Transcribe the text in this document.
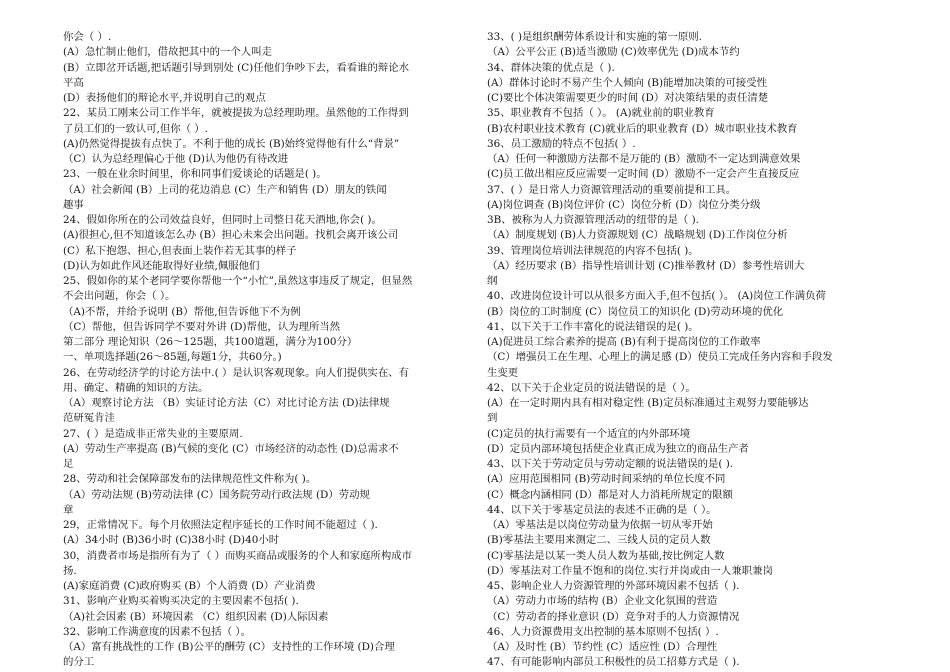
你会（ ）.
(A）急忙制止他们，借故把其中的一个人叫走
(B）立即岔开话题,把话题引导到别处 (C)任他们争吵下去，看看谁的辩论水
平高
(D）表扬他们的辩论水平,并说明自己的观点
22、某员工刚来公司工作半年，就被提拔为总经理助理。虽然他的工作得到
了员工们的一致认可,但你（ ）.
(A)仍然觉得提拔有点快了。不利于他的成长 (B)始终觉得他有什么“背景”
（C）认为总经理偏心于他 (D)认为他仍有待改进
23、一般在业余时间里，你和同事们爱谈论的话题是( )。
（A）社会新闻 (B）上司的花边消息 (C）生产和销售 (D）朋友的铁闻
趣事
24、假如你所在的公司效益良好，但同时上司整日花天酒地,你会( )。
(A)很担心,但不知道该怎么办 (B）担心未来会出问题。找机会离开该公司
(C）私下抱怨、担心,但表面上装作若无其事的样子
(D)认为如此作风还能取得好业绩,佩服他们
25、假如你的某个老同学要你帮他一个“小忙”,虽然这事违反了规定，但显然
不会出问题，你会（ ）。
（A)不帮，并给予说明 (B）帮他,但告诉他下不为例
（C）帮他，但告诉同学不要对外讲 (D)帮他，认为理所当然
第二部分 理论知识（26～125题，共100道题，满分为100分）
一、单项选择题(26～85题,每题1分，共60分。)
26、在劳动经济学的讨论方法中.( ）是认识客观现象。向人们提供实在、有
用、确定、精确的知识的方法。
（A）观察讨论方法 （B）实证讨论方法（C）对比讨论方法 (D)法律规
范研冤肯洼
27、( ）是造成非正常失业的主要原周.
(A）劳动生产率提高 (B)气候的变化 (C）市场经济的动态性 (D)总需求不
足
28、劳动和社会保障部发布的法律规范性文件称为( )。
（A）劳动法规 (B)劳动法律 (C）国务院劳动行政法规 (D）劳动规
章
29，正常情况下。每个月依照法定程序延长的工作时间不能超过（ ).
(A）34小时 (B)36小时 (C)38小时 (D)40小时
30，消费者市场是指所有为了（ ）而购买商品或服务的个人和家庭所构成市
扬.
(A)家庭消费 (C)政府购买 (B）个人消费 (D）产业消费
31、影响产业购买着购买决定的主要因素不包括( ).
（A)社会因素 (B）环境因素 （C）组织因素 (D)人际因素
32、影响工作满意度的因素不包括（ ）。
（A）富有挑战性的工作 (B)公平的酬劳 (C）支持性的工作环境 (D)合理
的分工
33、( )是组织酬劳体系设计和实施的第一原则.
（A）公平公正 (B)适当激励 (C)效率优先 (D)成本节约
34、群体决策的优点是（ ).
(A）群体讨论时不易产生个人倾向 (B)能增加决策的可接受性
(C)要比个体决策需要更少的时间 (D）对决策结果的责任清楚
35、职业教育不包括（ ）。 (A)就业前的职业教育
(B)农村职业技术教育 (C)就业后的职业教育 (D）城市职业技术教育
36、员工激励的特点不包括( ）.
（A）任何一种激励方法都不是万能的 (B）激励不一定达到满意效果
(C)员工做出相应反应需要一定时间 (D）激励不一定会产生直接反应
37、( ）是日常人力资源管理活动的重要前提和工具。
(A)岗位调查 (B)岗位评价 (C）岗位分析 (D）岗位分类分级
3B、被称为人力资源管理活动的纽带的是（ ).
（A）制度规划 (B)人力资源规划 (C）战略规划 (D)工作岗位分析
39、管理岗位培训法律规范的内容不包括( )。
（A）经历要求 (B）指导性培训计划 (C)推举教材 (D）参考性培训大
纲
40、改进岗位设计可以从很多方面入手,但不包括( ）。 (A)岗位工作满负荷
(B）岗位的工时制度 (C）岗位员工的知识化 (D)劳动环境的优化
41、以下关于工作丰富化的说法错误的是( )。
(A)促进员工综合素养的提高 (B)有利于提高岗位的工作敢率
（C）增强员工在生理、心理上的满足感 (D）使员工完成任务内容和手段发
生变更
42、以下关于企业定员的说法错误的是（ ）。
(A）在一定时期内具有相对稳定性 (B)定员标准通过主观努力要能够达
到
(C)定员的执行需要有一个适宜的内外部环境
(D）定员内部环境包括使企业真正成为独立的商品生产者
43、以下关于劳动定员与劳动定额的说法错误的是( ).
(A）应用范围相同 (B)劳动时间采纳的单位长度不同
(C）概念内涵相同 (D）都是对人力消耗所规定的限额
44、以下关于零基定员法的表述不正确的是（ ）。
（A）零基法是以岗位劳动量为依据一切从零开始
(B)零基法主要用来测定二、三线人员的定员人数
(C)零基法是以某一类人员人数为基础,按比例定人数
(D）零基法对工作量不饱和的岗位.实行并岗或由一人兼职兼岗
45、影响企业人力资源管理的外部环境因素不包括（ ).
（A）劳动力市场的结构 (B）企业文化氛围的营造
（C）劳动者的择业意识 (D）竞争对手的人力资源情况
46、人力资源费用支出控制的基本原则不包括( ）.
（A）及时性 (B）节约性 (C）适应性 (D）合理性
47、有可能影响内部员工积极性的员工招募方式是（ ).
